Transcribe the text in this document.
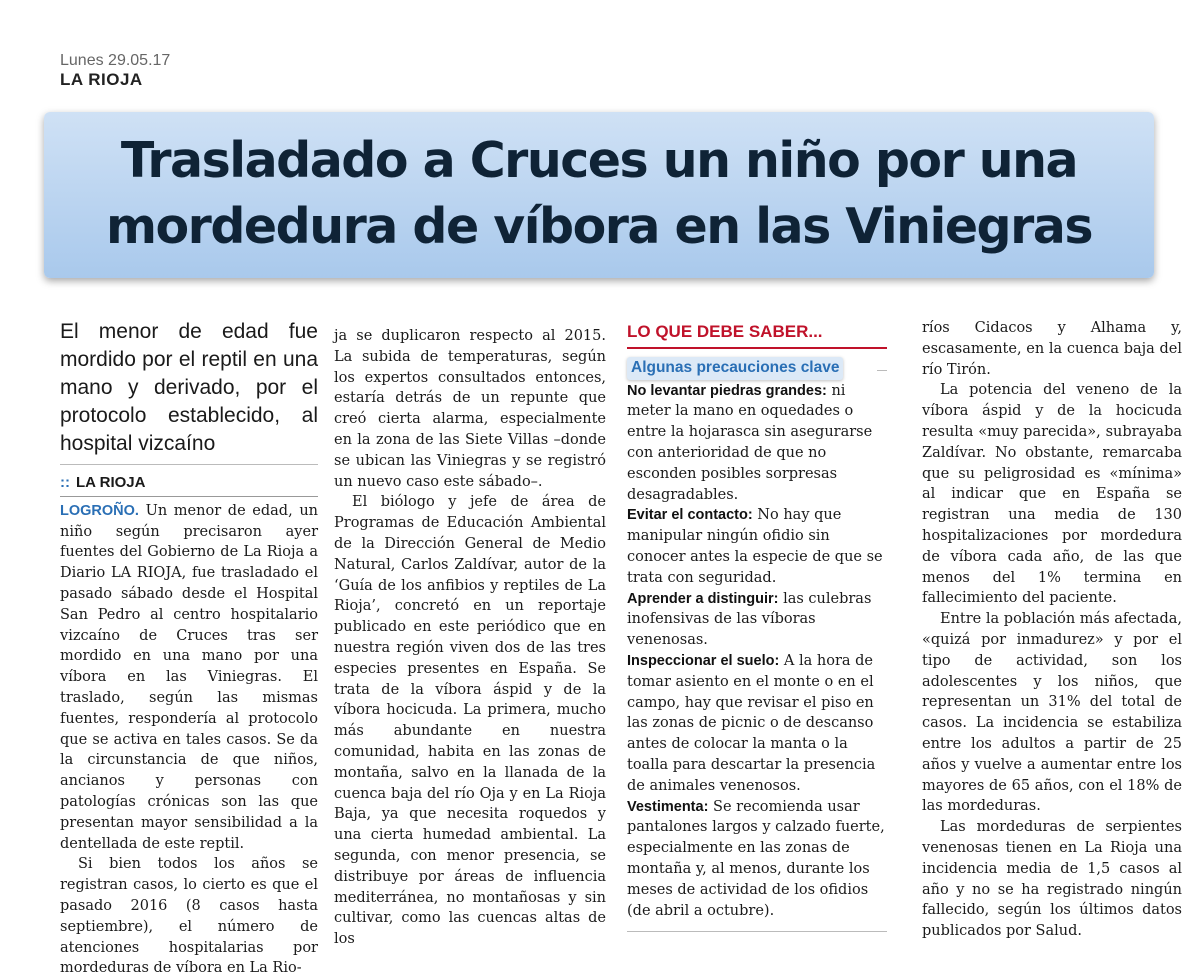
Lunes 29.05.17
LA RIOJA
Trasladado a Cruces un niño por una
mordedura de víbora en las Viniegras

El menor de edad fue mordido por el reptil en una mano y derivado, por el protocolo establecido, al hospital vizcaíno

:: LA RIOJA

LOGROÑO. Un menor de edad, un niño según precisaron ayer fuentes del Gobierno de La Rioja a Diario LA RIOJA, fue trasladado el pasado sábado desde el Hospital San Pedro al centro hospitalario vizcaíno de Cruces tras ser mordido en una mano por una víbora en las Viniegras. El traslado, según las mismas fuentes, respondería al protocolo que se activa en tales casos. Se da la circunstancia de que niños, ancianos y personas con patologías crónicas son las que presentan mayor sensibilidad a la dentellada de este reptil.

Si bien todos los años se registran casos, lo cierto es que el pasado 2016 (8 casos hasta septiembre), el número de atenciones hospitalarias por mordeduras de víbora en La Rio-

ja se duplicaron respecto al 2015. La subida de temperaturas, según los expertos consultados entonces, estaría detrás de un repunte que creó cierta alarma, especialmente en la zona de las Siete Villas –donde se ubican las Viniegras y se registró un nuevo caso este sábado–.

El biólogo y jefe de área de Programas de Educación Ambiental de la Dirección General de Medio Natural, Carlos Zaldívar, autor de la ‘Guía de los anfibios y reptiles de La Rioja’, concretó en un reportaje publicado en este periódico que en nuestra región viven dos de las tres especies presentes en España. Se trata de la víbora áspid y de la víbora hocicuda. La primera, mucho más abundante en nuestra comunidad, habita en las zonas de montaña, salvo en la llanada de la cuenca baja del río Oja y en La Rioja Baja, ya que necesita roquedos y una cierta humedad ambiental. La segunda, con menor presencia, se distribuye por áreas de influencia mediterránea, no montañosas y sin cultivar, como las cuencas altas de los

LO QUE DEBE SABER...
Algunas precauciones clave

No levantar piedras grandes: ni meter la mano en oquedades o entre la hojarasca sin asegurarse con anterioridad de que no esconden posibles sorpresas desagradables.

Evitar el contacto: No hay que manipular ningún ofidio sin conocer antes la especie de que se trata con seguridad.

Aprender a distinguir: las culebras inofensivas de las víboras venenosas.

Inspeccionar el suelo: A la hora de tomar asiento en el monte o en el campo, hay que revisar el piso en las zonas de picnic o de descanso antes de colocar la manta o la toalla para descartar la presencia de animales venenosos.

Vestimenta: Se recomienda usar pantalones largos y calzado fuerte, especialmente en las zonas de montaña y, al menos, durante los meses de actividad de los ofidios (de abril a octubre).

ríos Cidacos y Alhama y, escasamente, en la cuenca baja del río Tirón.

La potencia del veneno de la víbora áspid y de la hocicuda resulta «muy parecida», subrayaba Zaldívar. No obstante, remarcaba que su peligrosidad es «mínima» al indicar que en España se registran una media de 130 hospitalizaciones por mordedura de víbora cada año, de las que menos del 1% termina en fallecimiento del paciente.

Entre la población más afectada, «quizá por inmadurez» y por el tipo de actividad, son los adolescentes y los niños, que representan un 31% del total de casos. La incidencia se estabiliza entre los adultos a partir de 25 años y vuelve a aumentar entre los mayores de 65 años, con el 18% de las mordeduras.

Las mordeduras de serpientes venenosas tienen en La Rioja una incidencia media de 1,5 casos al año y no se ha registrado ningún fallecido, según los últimos datos publicados por Salud.
